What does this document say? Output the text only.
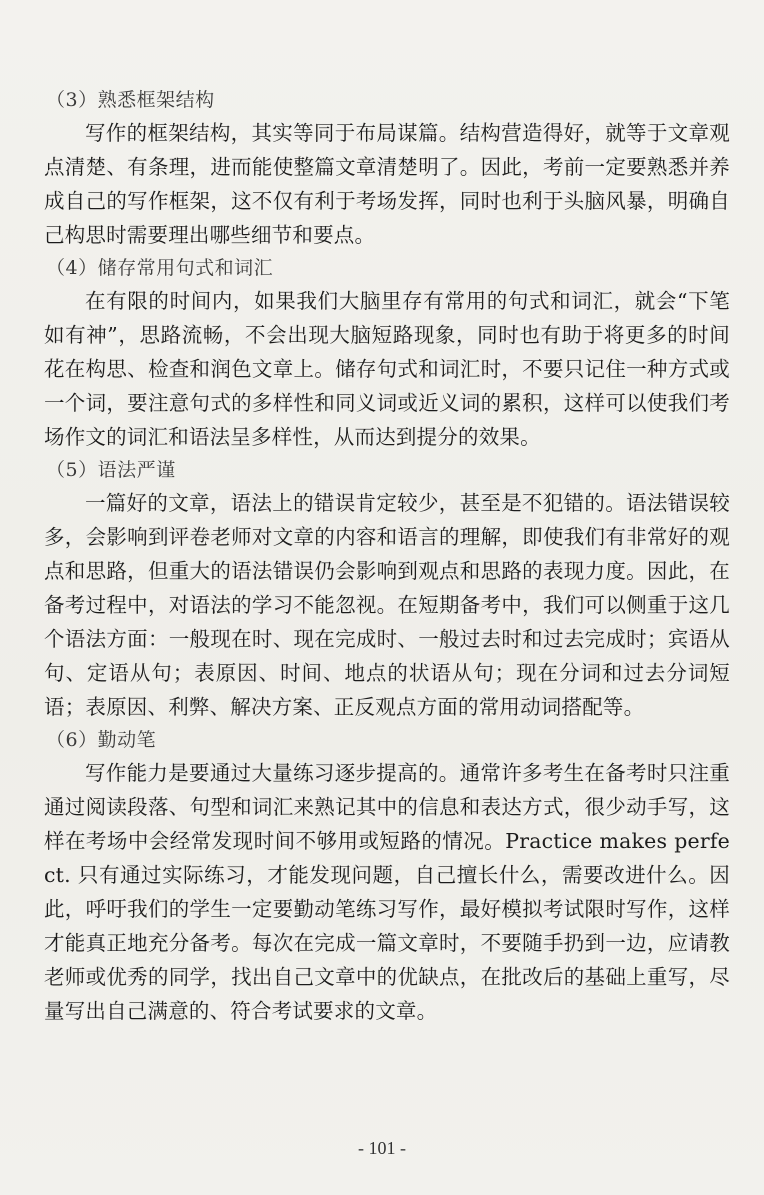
（3）熟悉框架结构

写作的框架结构，其实等同于布局谋篇。结构营造得好，就等于文章观点清楚、有条理，进而能使整篇文章清楚明了。因此，考前一定要熟悉并养成自己的写作框架，这不仅有利于考场发挥，同时也利于头脑风暴，明确自己构思时需要理出哪些细节和要点。

（4）储存常用句式和词汇

在有限的时间内，如果我们大脑里存有常用的句式和词汇，就会“下笔如有神”，思路流畅，不会出现大脑短路现象，同时也有助于将更多的时间花在构思、检查和润色文章上。储存句式和词汇时，不要只记住一种方式或一个词，要注意句式的多样性和同义词或近义词的累积，这样可以使我们考场作文的词汇和语法呈多样性，从而达到提分的效果。

（5）语法严谨

一篇好的文章，语法上的错误肯定较少，甚至是不犯错的。语法错误较多，会影响到评卷老师对文章的内容和语言的理解，即使我们有非常好的观点和思路，但重大的语法错误仍会影响到观点和思路的表现力度。因此，在备考过程中，对语法的学习不能忽视。在短期备考中，我们可以侧重于这几个语法方面：一般现在时、现在完成时、一般过去时和过去完成时；宾语从句、定语从句；表原因、时间、地点的状语从句；现在分词和过去分词短语；表原因、利弊、解决方案、正反观点方面的常用动词搭配等。

（6）勤动笔

写作能力是要通过大量练习逐步提高的。通常许多考生在备考时只注重通过阅读段落、句型和词汇来熟记其中的信息和表达方式，很少动手写，这样在考场中会经常发现时间不够用或短路的情况。Practice makes perfect. 只有通过实际练习，才能发现问题，自己擅长什么，需要改进什么。因此，呼吁我们的学生一定要勤动笔练习写作，最好模拟考试限时写作，这样才能真正地充分备考。每次在完成一篇文章时，不要随手扔到一边，应请教老师或优秀的同学，找出自己文章中的优缺点，在批改后的基础上重写，尽量写出自己满意的、符合考试要求的文章。

- 101 -
